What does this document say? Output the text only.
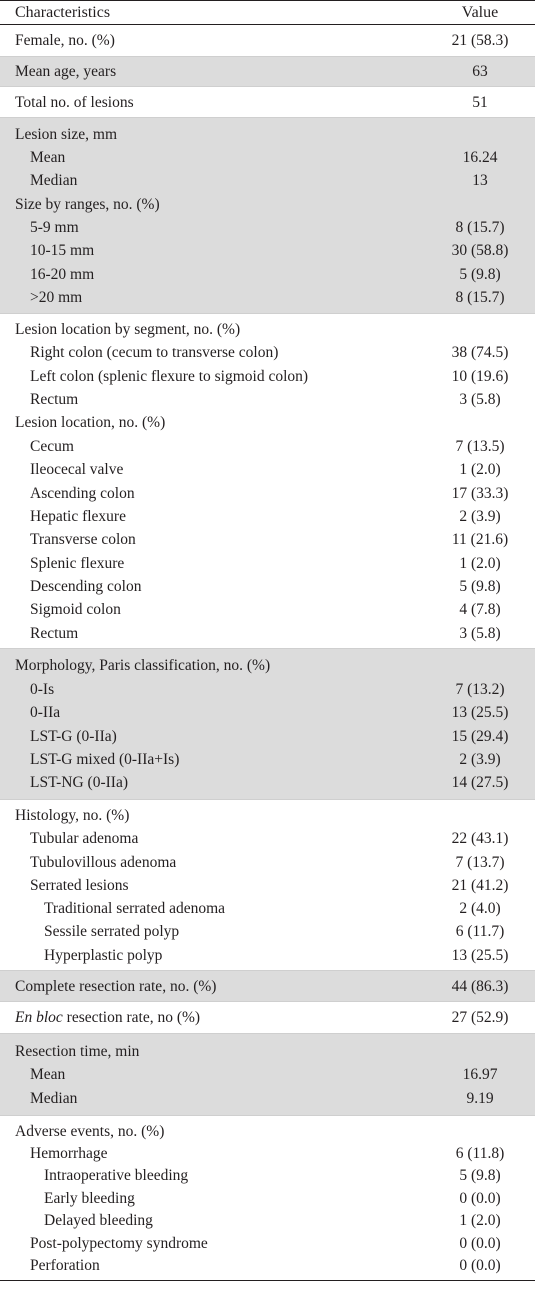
Characteristics	Value
Female, no. (%)	21 (58.3)
Mean age, years	63
Total no. of lesions	51
Lesion size, mm
Mean	16.24
Median	13
Size by ranges, no. (%)
5-9 mm	8 (15.7)
10-15 mm	30 (58.8)
16-20 mm	5 (9.8)
>20 mm	8 (15.7)
Lesion location by segment, no. (%)
Right colon (cecum to transverse colon)	38 (74.5)
Left colon (splenic flexure to sigmoid colon)	10 (19.6)
Rectum	3 (5.8)
Lesion location, no. (%)
Cecum	7 (13.5)
Ileocecal valve	1 (2.0)
Ascending colon	17 (33.3)
Hepatic flexure	2 (3.9)
Transverse colon	11 (21.6)
Splenic flexure	1 (2.0)
Descending colon	5 (9.8)
Sigmoid colon	4 (7.8)
Rectum	3 (5.8)
Morphology, Paris classification, no. (%)
0-Is	7 (13.2)
0-IIa	13 (25.5)
LST-G (0-IIa)	15 (29.4)
LST-G mixed (0-IIa+Is)	2 (3.9)
LST-NG (0-IIa)	14 (27.5)
Histology, no. (%)
Tubular adenoma	22 (43.1)
Tubulovillous adenoma	7 (13.7)
Serrated lesions	21 (41.2)
Traditional serrated adenoma	2 (4.0)
Sessile serrated polyp	6 (11.7)
Hyperplastic polyp	13 (25.5)
Complete resection rate, no. (%)	44 (86.3)
En bloc resection rate, no (%)	27 (52.9)
Resection time, min
Mean	16.97
Median	9.19
Adverse events, no. (%)
Hemorrhage	6 (11.8)
Intraoperative bleeding	5 (9.8)
Early bleeding	0 (0.0)
Delayed bleeding	1 (2.0)
Post-polypectomy syndrome	0 (0.0)
Perforation	0 (0.0)
